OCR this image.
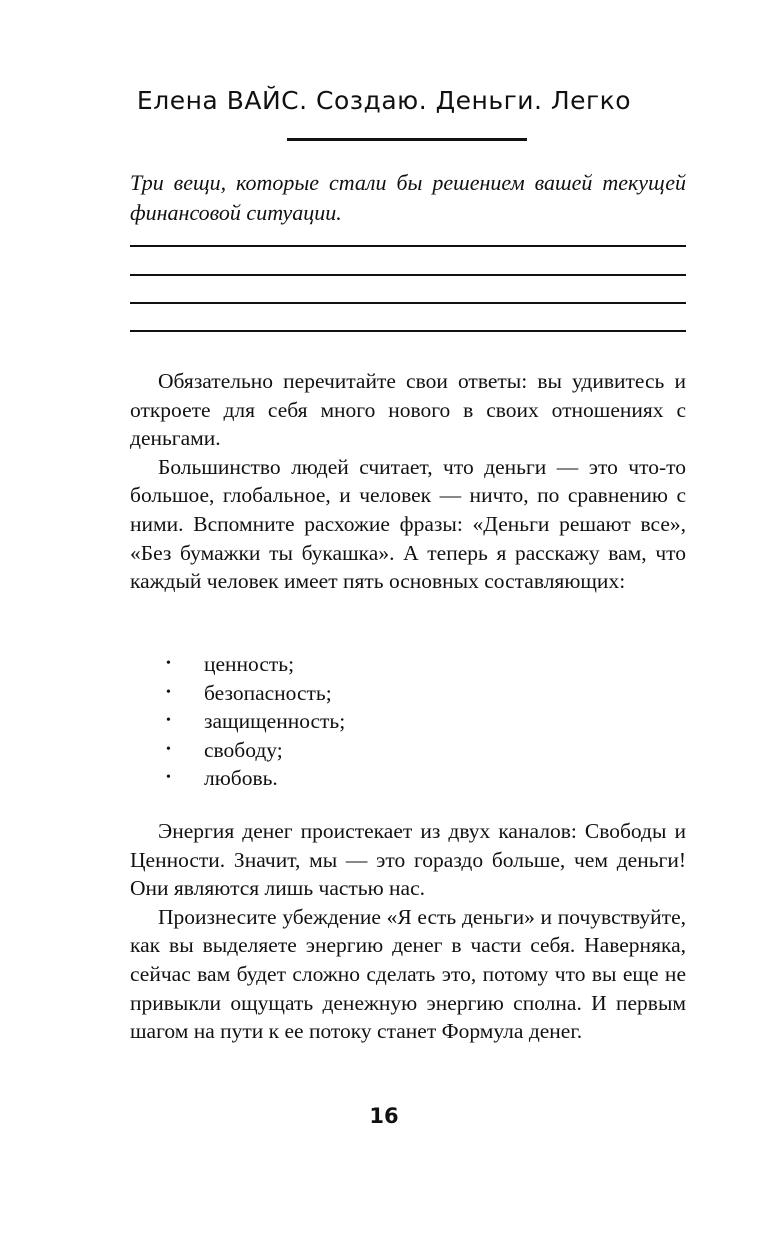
Елена ВАЙС. Создаю. Деньги. Легко
Три вещи, которые стали бы решением вашей текущей финансовой ситуации.

Обязательно перечитайте свои ответы: вы удивитесь и откроете для себя много нового в своих отношениях с деньгами.

Большинство людей считает, что деньги — это что-то большое, глобальное, и человек — ничто, по сравнению с ними. Вспомните расхожие фразы: «Деньги решают все», «Без бумажки ты букашка». А теперь я расскажу вам, что каждый человек имеет пять основных составляющих:

• ценность;
• безопасность;
• защищенность;
• свободу;
• любовь.

Энергия денег проистекает из двух каналов: Свободы и Ценности. Значит, мы — это гораздо больше, чем деньги! Они являются лишь частью нас.

Произнесите убеждение «Я есть деньги» и почувствуйте, как вы выделяете энергию денег в части себя. Наверняка, сейчас вам будет сложно сделать это, потому что вы еще не привыкли ощущать денежную энергию сполна. И первым шагом на пути к ее потоку станет Формула денег.

16
